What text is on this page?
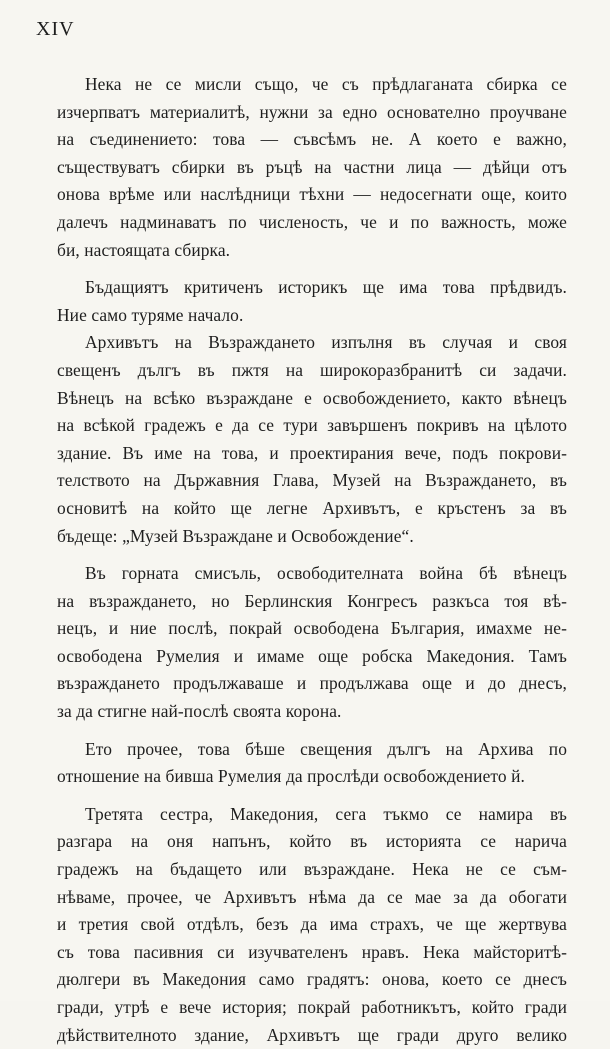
XIV
Нека не се мисли също, че съ прѣдлаганата сбирка се
изчерпватъ материалитѣ, нужни за едно основателно проучване
на съединението: това — съвсѣмъ не. А което е важно,
съществуватъ сбирки въ ръцѣ на частни лица — дѣйци отъ
онова врѣме или наслѣдници тѣхни — недосегнати още, които
далечъ надминаватъ по численость, че и по важность, може
би, настоящата сбирка.
Бъдащиятъ критиченъ историкъ ще има това прѣдвидъ.
Ние само туряме начало.
Архивътъ на Възраждането изпълня въ случая и своя
свещенъ дългъ въ пжтя на широкоразбранитѣ си задачи.
Вѣнецъ на всѣко възраждане е освобождението, както вѣнецъ
на всѣкой градежъ е да се тури завършенъ покривъ на цѣлото
здание. Въ име на това, и проектирания вече, подъ покрови-
телството на Държавния Глава, Музей на Възраждането, въ
основитѣ на който ще легне Архивътъ, е кръстенъ за въ
бъдеще: „Музей Възраждане и Освобождение“.
Въ горната смисъль, освободителната война бѣ вѣнецъ
на възраждането, но Берлинския Конгресъ разкъса тоя вѣ-
нецъ, и ние послѣ, покрай освободена България, имахме не-
освободена Румелия и имаме още робска Македония. Тамъ
възраждането продължаваше и продължава още и до днесъ,
за да стигне най-послѣ своята корона.
Ето прочее, това бѣше свещения дългъ на Архива по
отношение на бивша Румелия да прослѣди освобождението й.
Третята сестра, Македония, сега тъкмо се намира въ
разгара на оня напънъ, който въ историята се нарича
градежъ на бъдащето или възраждане. Нека не се съм-
нѣваме, прочее, че Архивътъ нѣма да се мае за да обогати
и третия свой отдѣлъ, безъ да има страхъ, че ще жертвува
съ това пасивния си изучвателенъ нравъ. Нека майсторитѣ-
дюлгери въ Македония само градятъ: онова, което се днесъ
гради, утрѣ е вече история; покрай работникътъ, който гради
дѣйствителното здание, Архивътъ ще гради друго велико
